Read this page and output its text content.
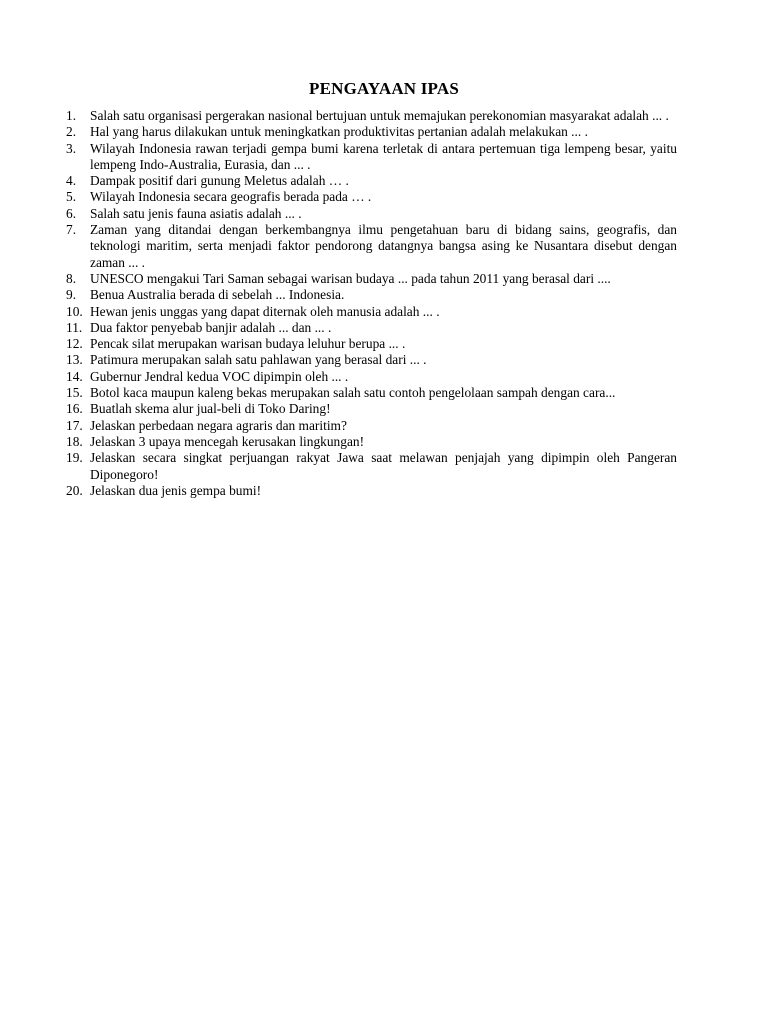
PENGAYAAN IPAS
1.	Salah satu organisasi pergerakan nasional bertujuan untuk memajukan perekonomian masyarakat adalah ... .
2.	Hal yang harus dilakukan untuk meningkatkan produktivitas pertanian adalah melakukan ... .
3.	Wilayah Indonesia rawan terjadi gempa bumi karena terletak di antara pertemuan tiga lempeng besar, yaitu lempeng Indo-Australia, Eurasia, dan ... .
4.	Dampak positif dari gunung Meletus adalah … .
5.	Wilayah Indonesia secara geografis berada pada … .
6.	Salah satu jenis fauna asiatis adalah ... .
7.	Zaman yang ditandai dengan berkembangnya ilmu pengetahuan baru di bidang sains, geografis, dan teknologi maritim, serta menjadi faktor pendorong datangnya bangsa asing ke Nusantara disebut dengan zaman ... .
8.	UNESCO mengakui Tari Saman sebagai warisan budaya ... pada tahun 2011 yang berasal dari ....
9.	Benua Australia berada di sebelah ... Indonesia.
10. Hewan jenis unggas yang dapat diternak oleh manusia adalah ... .
11. Dua faktor penyebab banjir adalah ... dan ... .
12. Pencak silat merupakan warisan budaya leluhur berupa ... .
13. Patimura merupakan salah satu pahlawan yang berasal dari ... .
14. Gubernur Jendral kedua VOC dipimpin oleh ... .
15. Botol kaca maupun kaleng bekas merupakan salah satu contoh pengelolaan sampah dengan cara...
16. Buatlah skema alur jual-beli di Toko Daring!
17. Jelaskan perbedaan negara agraris dan maritim?
18. Jelaskan 3 upaya mencegah kerusakan lingkungan!
19. Jelaskan secara singkat perjuangan rakyat Jawa saat melawan penjajah yang dipimpin oleh Pangeran Diponegoro!
20. Jelaskan dua jenis gempa bumi!
